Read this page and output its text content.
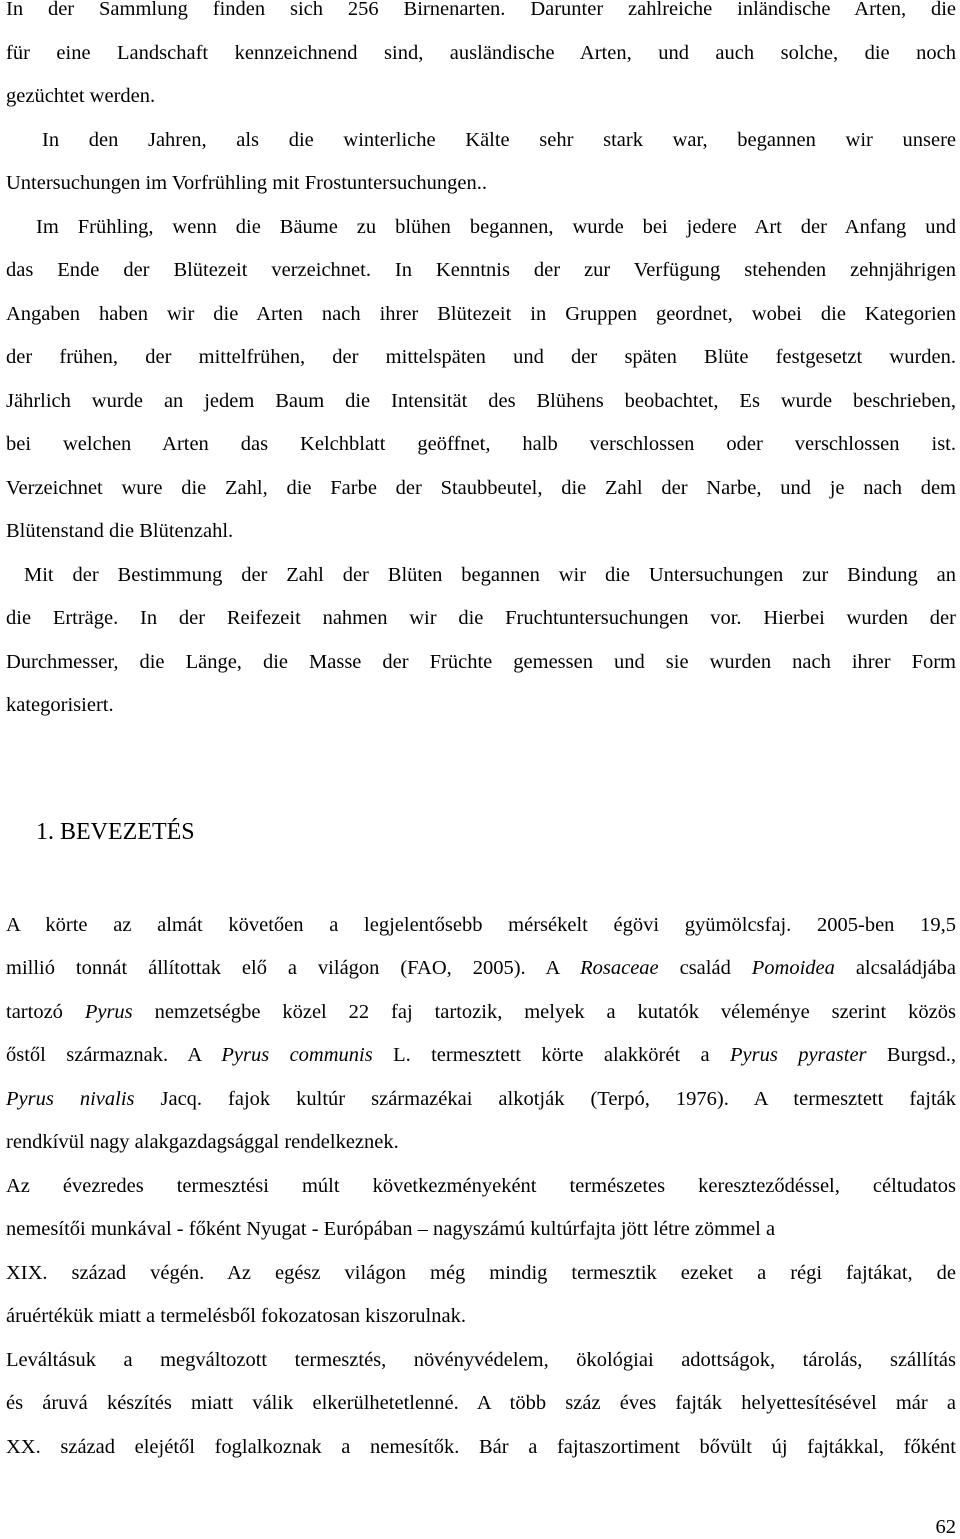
In der Sammlung finden sich 256 Birnenarten. Darunter zahlreiche inländische Arten, die
für eine Landschaft kennzeichnend sind, ausländische Arten, und auch solche, die noch
gezüchtet werden.
In den Jahren, als die winterliche Kälte sehr stark war, begannen wir unsere
Untersuchungen im Vorfrühling mit Frostuntersuchungen..
Im Frühling, wenn die Bäume zu blühen begannen, wurde bei jedere Art der Anfang und
das Ende der Blütezeit verzeichnet. In Kenntnis der zur Verfügung stehenden zehnjährigen
Angaben haben wir die Arten nach ihrer Blütezeit in Gruppen geordnet, wobei die Kategorien
der frühen, der mittelfrühen, der mittelspäten und der späten Blüte festgesetzt wurden.
Jährlich wurde an jedem Baum die Intensität des Blühens beobachtet, Es wurde beschrieben,
bei welchen Arten das Kelchblatt geöffnet, halb verschlossen oder verschlossen ist.
Verzeichnet wure die Zahl, die Farbe der Staubbeutel, die Zahl der Narbe, und je nach dem
Blütenstand die Blütenzahl.
Mit der Bestimmung der Zahl der Blüten begannen wir die Untersuchungen zur Bindung an
die Erträge. In der Reifezeit nahmen wir die Fruchtuntersuchungen vor. Hierbei wurden der
Durchmesser, die Länge, die Masse der Früchte gemessen und sie wurden nach ihrer Form
kategorisiert.
1. BEVEZETÉS
A körte az almát követően a legjelentősebb mérsékelt égövi gyümölcsfaj. 2005-ben 19,5
millió tonnát állítottak elő a világon (FAO, 2005). A Rosaceae család Pomoidea alcsaládjába
tartozó Pyrus nemzetségbe közel 22 faj tartozik, melyek a kutatók véleménye szerint közös
őstől származnak. A Pyrus communis L. termesztett körte alakkörét a Pyrus pyraster Burgsd.,
Pyrus nivalis Jacq. fajok kultúr származékai alkotják (Terpó, 1976). A termesztett fajták
rendkívül nagy alakgazdagsággal rendelkeznek.
Az évezredes termesztési múlt következményeként természetes kereszteződéssel, céltudatos
nemesítői munkával - főként Nyugat - Európában – nagyszámú kultúrfajta jött létre zömmel a
XIX. század végén. Az egész világon még mindig termesztik ezeket a régi fajtákat, de
áruértékük miatt a termelésből fokozatosan kiszorulnak.
Leváltásuk a megváltozott termesztés, növényvédelem, ökológiai adottságok, tárolás, szállítás
és áruvá készítés miatt válik elkerülhetetlenné. A több száz éves fajták helyettesítésével már a
XX. század elejétől foglalkoznak a nemesítők. Bár a fajtaszortiment bővült új fajtákkal, főként
62
